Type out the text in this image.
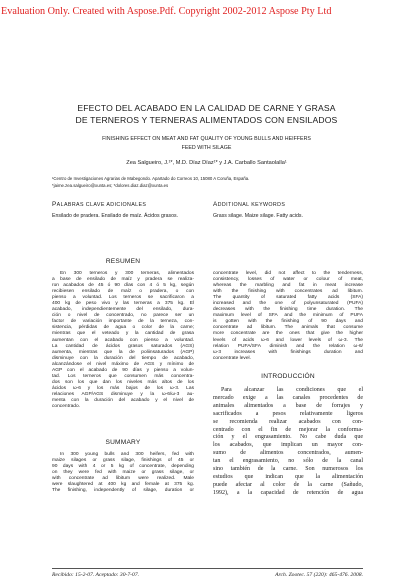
Evaluation Only. Created with Aspose.Pdf. Copyright 2002-2012 Aspose Pty Ltd
EFECTO DEL ACABADO EN LA CALIDAD DE CARNE Y GRASA
DE TERNEROS Y TERNERAS ALIMENTADOS CON ENSILADOS
FINISHING EFFECT ON MEAT AND FAT QUALITY OF YOUNG BULLS AND HEIFFERS
FEED WITH SILAGE
Zea Salgueiro, J.¹*, M.D. Díaz Díaz¹* y J.A. Carballo Santaolalla¹
¹Centro de Investigaciones Agrarias de Mabegondo. Apartado do Correos 10, 15080 A Coruña, España.
*jaime.zea.salgueiro@xunta.es; *dolores.diaz.diaz@xunta.es
PALABRAS CLAVE ADICIONALES
Ensilado de pradera. Ensilado de maíz. Ácidos grasos.
RESUMEN
En 300 terneros y 300 terneras, alimentados
a base de ensilado de maíz y pradera se realiza-
ron acabados de 45 ó 90 días con 4 ó 5 kg, según
recibiesen ensilado de maíz o pradera, o con
pienso a voluntad. Los terneros se sacrificaron a
400 kg de peso vivo y las terneras a 375 kg. El
acabado, independientemente del ensilado, dura-
ción o nivel de concentrado, no parece ser un
factor de variación importante de la terneza, con-
sistencia, pérdidas de agua o color de la carne;
mientras que el veteado y la cantidad de grasa
aumentan con el acabado con pienso a voluntad.
La cantidad de ácidos grasos saturados (AGS)
aumenta, mientras que la de poliinsaturados (AGP)
disminuye con la duración del tiempo de acabado,
alcanzándose el nivel máximo de AGS y mínimo de
AGP con el acabado de 90 días y pienso a volun-
tad. Los terneros que consumen más concentra-
dos son los que dan los niveles más altos de los
ácidos ω-6 y los más bajos de los ω-3. Las
relaciones AGP/AGS disminuye y la ω-6/ω-3 au-
menta con la duración del acabado y el nivel de
concentrado.
SUMMARY
In 300 young bulls and 300 heifers, fed with
maize silages or grass silage, finishings of 45 or
90 days with 4 or 5 kg of concentrate, depending
on they were fed with maize or grass silage, or
with concentrate ad libitum were realized. Male
were slaughtered at 400 kg and female at 375 kg.
The finishing, independently of silage, duration or
ADDITIONAL KEYWORDS
Grass silage. Maize silage. Fatty acids.
concentrate level, did not affect to the tenderness,
consistency, losses of water or colour of meat,
whereas the marbling and fat in meat increase
with the finishing with concentrates ad libitum.
The quantity of saturated fatty acids (SFA)
increased and the one of polyunsaturated (PUFA)
decreases with the finishing time duration. The
maximum level of SFA and the minimum of PUFA
is gotten with the finishing of 90 days and
concentrate ad libitum. The animals that consume
more concentrate are the ones that give the higher
levels of acids ω-6 and lower levels of ω-3. The
relation PUFA/SFA diminish and the relation ω-6/
ω-3 increases with finishings duration and
concentrate level.
INTRODUCCIÓN
Para alcanzar las condiciones que el
mercado exige a las canales procedentes de
animales alimentados a base de forrajes y
sacrificados a pesos relativamente ligeros
se recomienda realizar acabados con con-
centrado con el fin de mejorar la conforma-
ción y el engrasamiento. No cabe duda que
los acabados, que implican un mayor con-
sumo de alimentos concentrados, aumen-
tan el engrasamiento, no sólo de la canal
sino también de la carne. Son numerosos los
estudios que indican que la alimentación
puede afectar al color de la carne (Sañudo,
1992), a la capacidad de retención de agua
Recibido: 15-2-07. Aceptado: 30-7-07.	Arch. Zootec. 57 (220): 465-476. 2008.
